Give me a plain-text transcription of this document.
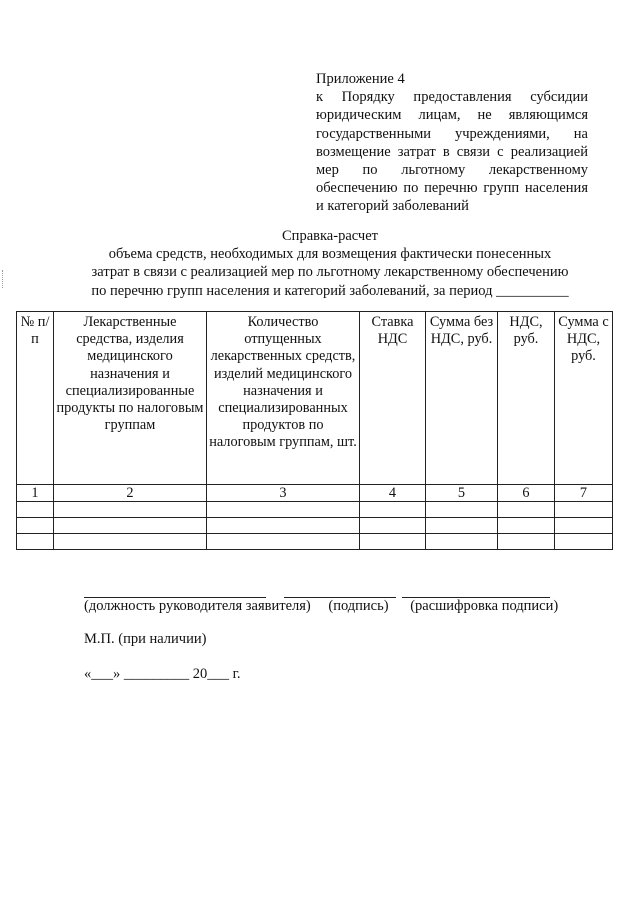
Приложение 4
к Порядку предоставления субсидии юридическим лицам, не являющимся государственными учреждениями, на возмещение затрат в связи с реализацией мер по льготному лекарственному обеспечению по перечню групп населения и категорий заболеваний
Справка-расчет
объема средств, необходимых для возмещения фактически понесенных
затрат в связи с реализацией мер по льготному лекарственному обеспечению
по перечню групп населения и категорий заболеваний, за период __________
№ п/п	Лекарственные средства, изделия медицинского назначения и специализированные продукты по налоговым группам	Количество отпущенных лекарственных средств, изделий медицинского назначения и специализированных продуктов по налоговым группам, шт.	Ставка НДС	Сумма без НДС, руб.	НДС, руб.	Сумма с НДС, руб.
1	2	3	4	5	6	7

(должность руководителя заявителя) (подпись) (расшифровка подписи)
М.П. (при наличии)
«___» _________ 20___ г.
